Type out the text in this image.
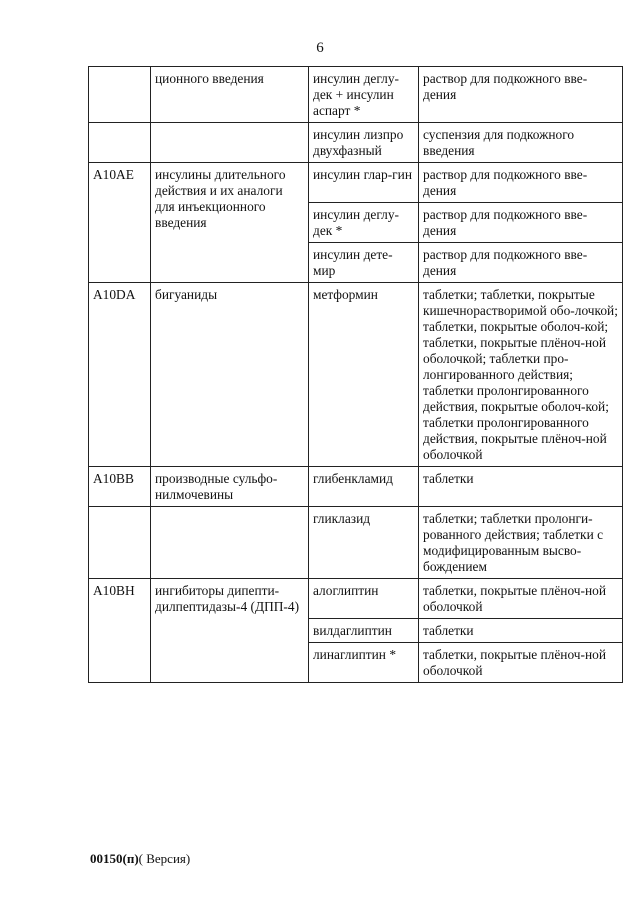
6
	ционного введения	инсулин деглу-дек + инсулин аспарт *	раствор для подкожного вве-дения

		инсулин лизпро двухфазный	суспензия для подкожного введения

A10AE	инсулины длительного действия и их аналоги для инъекционного введения	инсулин глар-гин	раствор для подкожного вве-дения

		инсулин деглу-дек *	раствор для подкожного вве-дения

		инсулин дете-мир	раствор для подкожного вве-дения

A10DA	бигуаниды	метформин	таблетки; таблетки, покрытые кишечнорастворимой обо-лочкой;
таблетки, покрытые оболоч-кой;
таблетки, покрытые плёноч-ной оболочкой; таблетки про-лонгированного действия;
таблетки пролонгированного действия, покрытые оболоч-кой;
таблетки пролонгированного действия, покрытые плёноч-ной оболочкой

A10BB	производные сульфо-нилмочевины	глибенкламид	таблетки

		гликлазид	таблетки; таблетки пролонги-рованного действия; таблетки с модифицированным высво-бождением

A10BH	ингибиторы дипепти-дилпептидазы-4 (ДПП-4)	алоглиптин	таблетки, покрытые плёноч-ной оболочкой

		вилдаглиптин	таблетки

		линаглиптин *	таблетки, покрытые плёноч-ной оболочкой
00150(п)( Версия)
